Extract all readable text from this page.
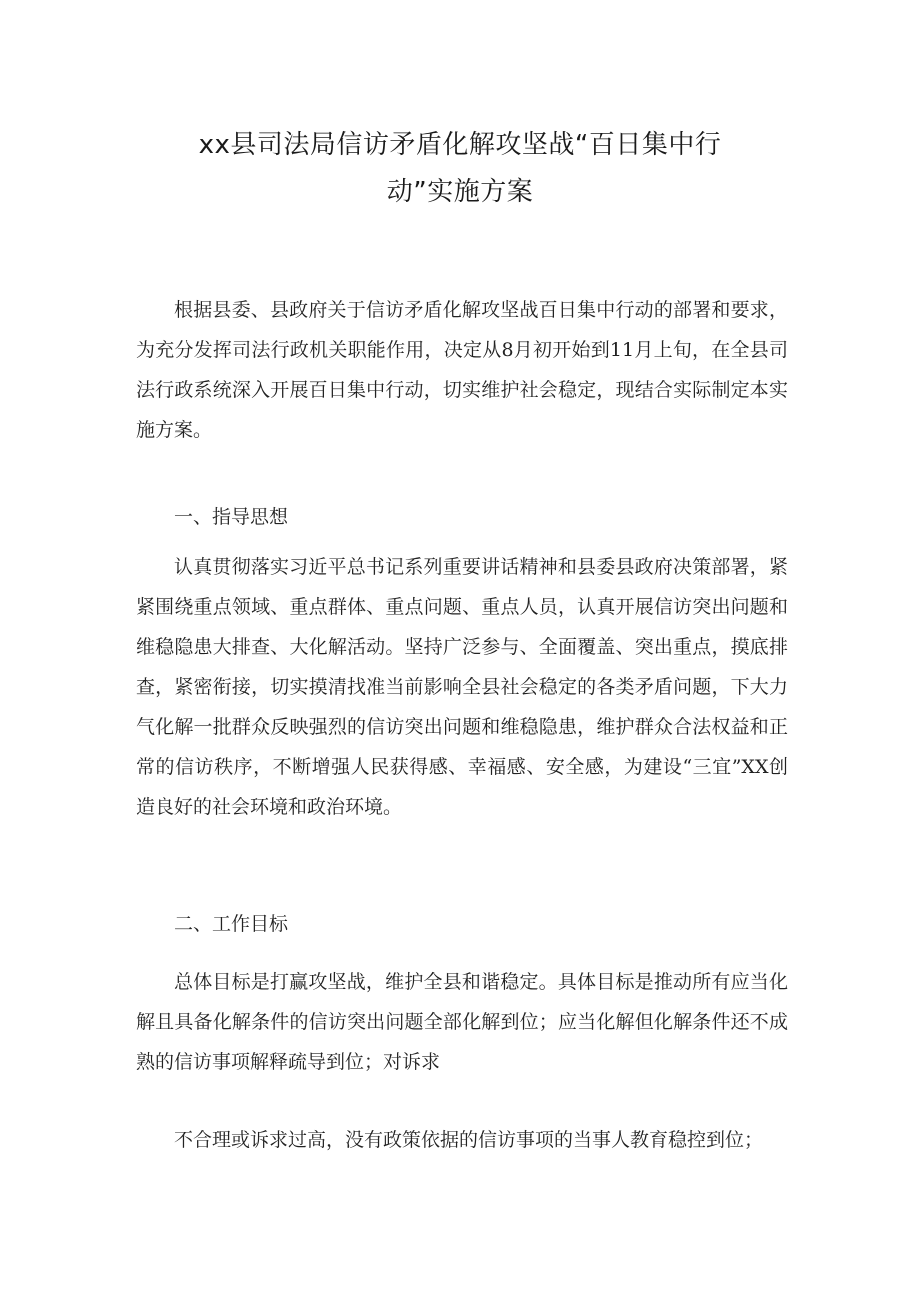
xx县司法局信访矛盾化解攻坚战“百日集中行
动”实施方案

根据县委、县政府关于信访矛盾化解攻坚战百日集中行动的部署和要求，为充分发挥司法行政机关职能作用，决定从8月初开始到11月上旬，在全县司法行政系统深入开展百日集中行动，切实维护社会稳定，现结合实际制定本实施方案。

一、指导思想

认真贯彻落实习近平总书记系列重要讲话精神和县委县政府决策部署，紧紧围绕重点领域、重点群体、重点问题、重点人员，认真开展信访突出问题和维稳隐患大排查、大化解活动。坚持广泛参与、全面覆盖、突出重点，摸底排查，紧密衔接，切实摸清找准当前影响全县社会稳定的各类矛盾问题，下大力气化解一批群众反映强烈的信访突出问题和维稳隐患，维护群众合法权益和正常的信访秩序，不断增强人民获得感、幸福感、安全感，为建设“三宜”XX创造良好的社会环境和政治环境。

二、工作目标

总体目标是打赢攻坚战，维护全县和谐稳定。具体目标是推动所有应当化解且具备化解条件的信访突出问题全部化解到位；应当化解但化解条件还不成熟的信访事项解释疏导到位；对诉求

不合理或诉求过高，没有政策依据的信访事项的当事人教育稳控到位；
